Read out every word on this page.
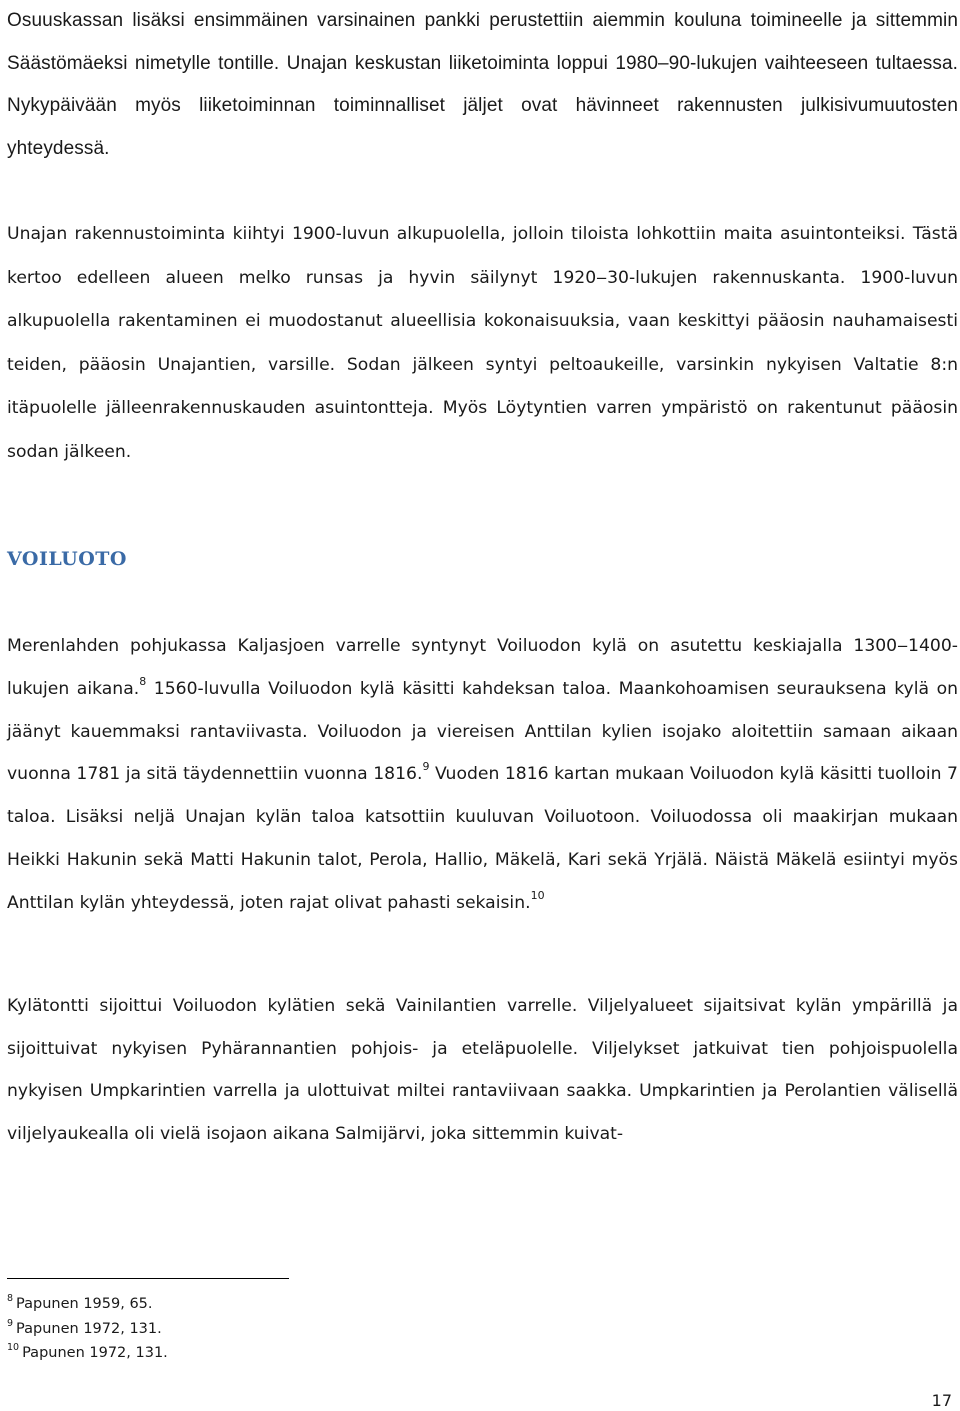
Osuuskassan lisäksi ensimmäinen varsinainen pankki perustettiin aiemmin kouluna toimineelle ja sittemmin Säästömäeksi nimetylle tontille. Unajan keskustan liiketoiminta loppui 1980‒90-lukujen vaihteeseen tultaessa. Nykypäivään myös liiketoiminnan toiminnalliset jäljet ovat hävinneet rakennusten julkisivumuutosten yhteydessä.

Unajan rakennustoiminta kiihtyi 1900-luvun alkupuolella, jolloin tiloista lohkottiin maita asuintonteiksi. Tästä kertoo edelleen alueen melko runsas ja hyvin säilynyt 1920‒30-lukujen rakennuskanta. 1900-luvun alkupuolella rakentaminen ei muodostanut alueellisia kokonaisuuksia, vaan keskittyi pääosin nauhamaisesti teiden, pääosin Unajantien, varsille. Sodan jälkeen syntyi peltoaukeille, varsinkin nykyisen Valtatie 8:n itäpuolelle jälleenrakennuskauden asuintontteja. Myös Löytyntien varren ympäristö on rakentunut pääosin sodan jälkeen.

VOILUOTO

Merenlahden pohjukassa Kaljasjoen varrelle syntynyt Voiluodon kylä on asutettu keskiajalla 1300‒1400-lukujen aikana.$^8$ 1560-luvulla Voiluodon kylä käsitti kahdeksan taloa. Maankohoamisen seurauksena kylä on jäänyt kauemmaksi rantaviivasta. Voiluodon ja viereisen Anttilan kylien isojako aloitettiin samaan aikaan vuonna 1781 ja sitä täydennettiin vuonna 1816.$^9$ Vuoden 1816 kartan mukaan Voiluodon kylä käsitti tuolloin 7 taloa. Lisäksi neljä Unajan kylän taloa katsottiin kuuluvan Voiluotoon. Voiluodossa oli maakirjan mukaan Heikki Hakunin sekä Matti Hakunin talot, Perola, Hallio, Mäkelä, Kari sekä Yrjälä. Näistä Mäkelä esiintyi myös Anttilan kylän yhteydessä, joten rajat olivat pahasti sekaisin.$^{10}$

Kylätontti sijoittui Voiluodon kylätien sekä Vainilantien varrelle. Viljelyalueet sijaitsivat kylän ympärillä ja sijoittuivat nykyisen Pyhärannantien pohjois- ja eteläpuolelle. Viljelykset jatkuivat tien pohjoispuolella nykyisen Umpkarintien varrella ja ulottuivat miltei rantaviivaan saakka. Umpkarintien ja Perolantien välisellä viljelyaukealla oli vielä isojaon aikana Salmijärvi, joka sittemmin kuivat-

$^8$ Papunen 1959, 65.
$^9$ Papunen 1972, 131.
$^{10}$ Papunen 1972, 131.
17
